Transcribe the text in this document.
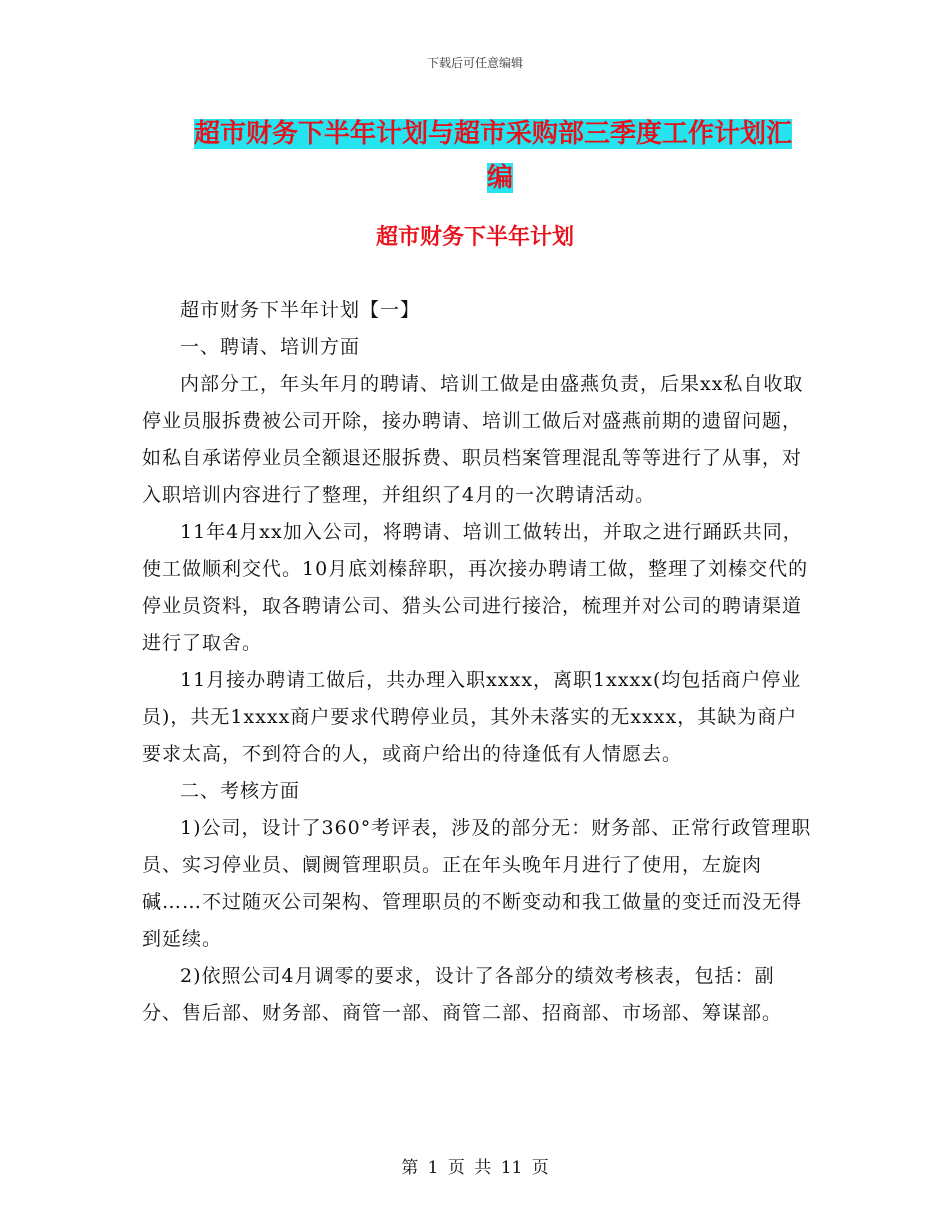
下载后可任意编辑
超市财务下半年计划与超市采购部三季度工作计划汇

编
超市财务下半年计划

超市财务下半年计划【一】

一、聘请、培训方面

内部分工，年头年月的聘请、培训工做是由盛燕负责，后果xx私自收取停业员服拆费被公司开除，接办聘请、培训工做后对盛燕前期的遗留问题，如私自承诺停业员全额退还服拆费、职员档案管理混乱等等进行了从事，对入职培训内容进行了整理，并组织了4月的一次聘请活动。

11年4月xx加入公司，将聘请、培训工做转出，并取之进行踊跃共同，使工做顺利交代。10月底刘榛辞职，再次接办聘请工做，整理了刘榛交代的停业员资料，取各聘请公司、猎头公司进行接洽，梳理并对公司的聘请渠道进行了取舍。

11月接办聘请工做后，共办理入职xxxx，离职1xxxx(均包括商户停业员)，共无1xxxx商户要求代聘停业员，其外未落实的无xxxx，其缺为商户要求太高，不到符合的人，或商户给出的待逢低有人情愿去。

二、考核方面

1)公司，设计了360°考评表，涉及的部分无：财务部、正常行政管理职员、实习停业员、阛阓管理职员。正在年头晚年月进行了使用，左旋肉碱……不过随灭公司架构、管理职员的不断变动和我工做量的变迁而没无得到延续。

2)依照公司4月调零的要求，设计了各部分的绩效考核表，包括：副分、售后部、财务部、商管一部、商管二部、招商部、市场部、筹谋部。

第 1 页 共 11 页
